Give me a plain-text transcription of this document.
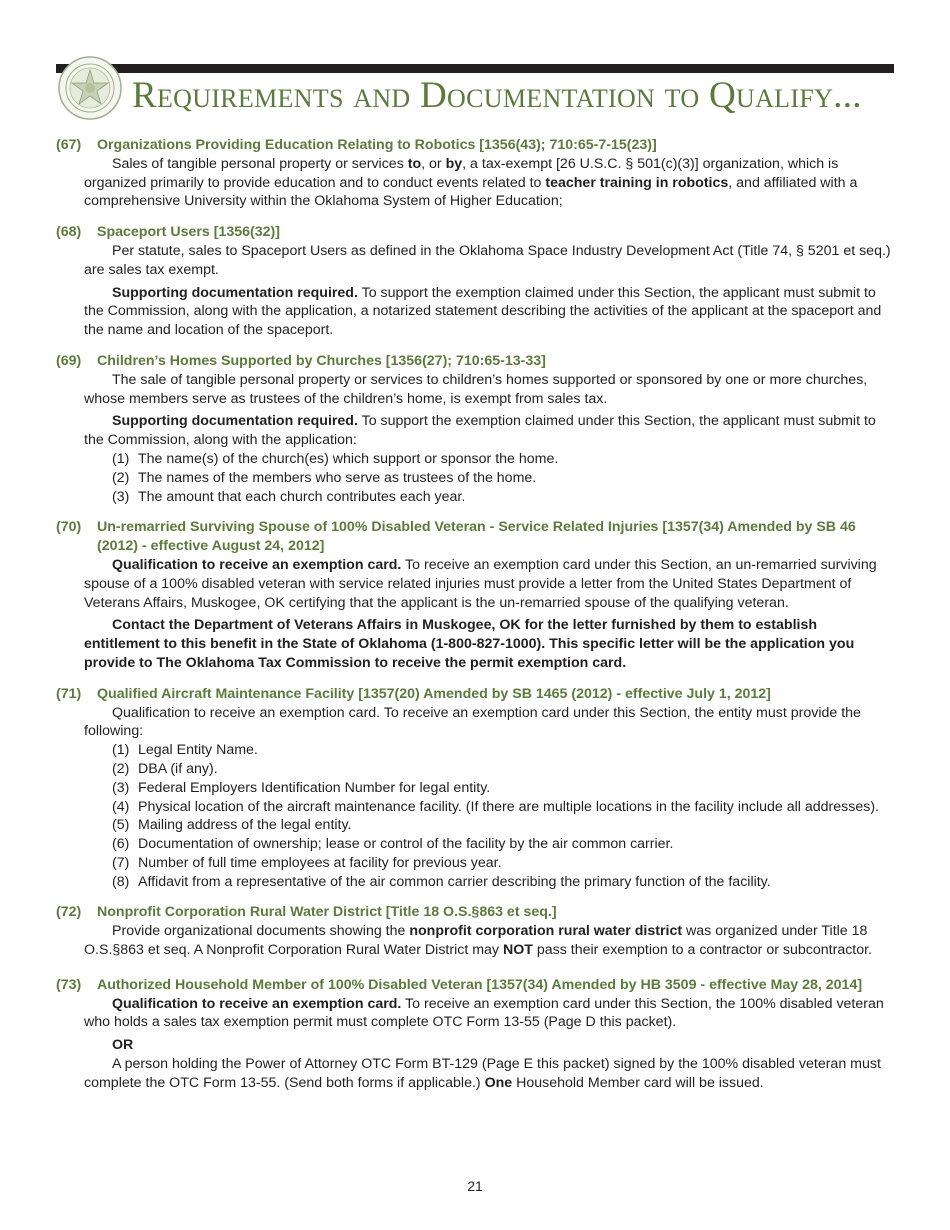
Requirements and Documentation to Qualify...
(67)	Organizations Providing Education Relating to Robotics [1356(43); 710:65-7-15(23)]

Sales of tangible personal property or services to, or by, a tax-exempt [26 U.S.C. § 501(c)(3)] organization, which is organized primarily to provide education and to conduct events related to teacher training in robotics, and affiliated with a comprehensive University within the Oklahoma System of Higher Education;

(68)	Spaceport Users [1356(32)]

Per statute, sales to Spaceport Users as defined in the Oklahoma Space Industry Development Act (Title 74, § 5201 et seq.) are sales tax exempt.

Supporting documentation required. To support the exemption claimed under this Section, the applicant must submit to the Commission, along with the application, a notarized statement describing the activities of the applicant at the spaceport and the name and location of the spaceport.

(69)	Children’s Homes Supported by Churches [1356(27); 710:65-13-33]

The sale of tangible personal property or services to children’s homes supported or sponsored by one or more churches, whose members serve as trustees of the children’s home, is exempt from sales tax.

Supporting documentation required. To support the exemption claimed under this Section, the applicant must submit to the Commission, along with the application:

(1) The name(s) of the church(es) which support or sponsor the home.
(2) The names of the members who serve as trustees of the home.
(3) The amount that each church contributes each year.
(70)	Un-remarried Surviving Spouse of 100% Disabled Veteran - Service Related Injuries [1357(34) Amended by SB 46 (2012) - effective August 24, 2012]

Qualification to receive an exemption card. To receive an exemption card under this Section, an un-remarried surviving spouse of a 100% disabled veteran with service related injuries must provide a letter from the United States Department of Veterans Affairs, Muskogee, OK certifying that the applicant is the un-remarried spouse of the qualifying veteran.

Contact the Department of Veterans Affairs in Muskogee, OK for the letter furnished by them to establish entitlement to this benefit in the State of Oklahoma (1-800-827-1000). This specific letter will be the application you provide to The Oklahoma Tax Commission to receive the permit exemption card.

(71)	Qualified Aircraft Maintenance Facility [1357(20) Amended by SB 1465 (2012) - effective July 1, 2012]

Qualification to receive an exemption card. To receive an exemption card under this Section, the entity must provide the following:

(1) Legal Entity Name.
(2) DBA (if any).
(3) Federal Employers Identification Number for legal entity.
(4) Physical location of the aircraft maintenance facility. (If there are multiple locations in the facility include all addresses).
(5) Mailing address of the legal entity.
(6) Documentation of ownership; lease or control of the facility by the air common carrier.
(7) Number of full time employees at facility for previous year.
(8) Affidavit from a representative of the air common carrier describing the primary function of the facility.
(72)	Nonprofit Corporation Rural Water District [Title 18 O.S.§863 et seq.]

Provide organizational documents showing the nonprofit corporation rural water district was organized under Title 18 O.S.§863 et seq. A Nonprofit Corporation Rural Water District may NOT pass their exemption to a contractor or subcontractor.

(73)	Authorized Household Member of 100% Disabled Veteran [1357(34) Amended by HB 3509 - effective May 28, 2014]

Qualification to receive an exemption card. To receive an exemption card under this Section, the 100% disabled veteran who holds a sales tax exemption permit must complete OTC Form 13-55 (Page D this packet).

OR

A person holding the Power of Attorney OTC Form BT-129 (Page E this packet) signed by the 100% disabled veteran must complete the OTC Form 13-55. (Send both forms if applicable.) One Household Member card will be issued.

21
